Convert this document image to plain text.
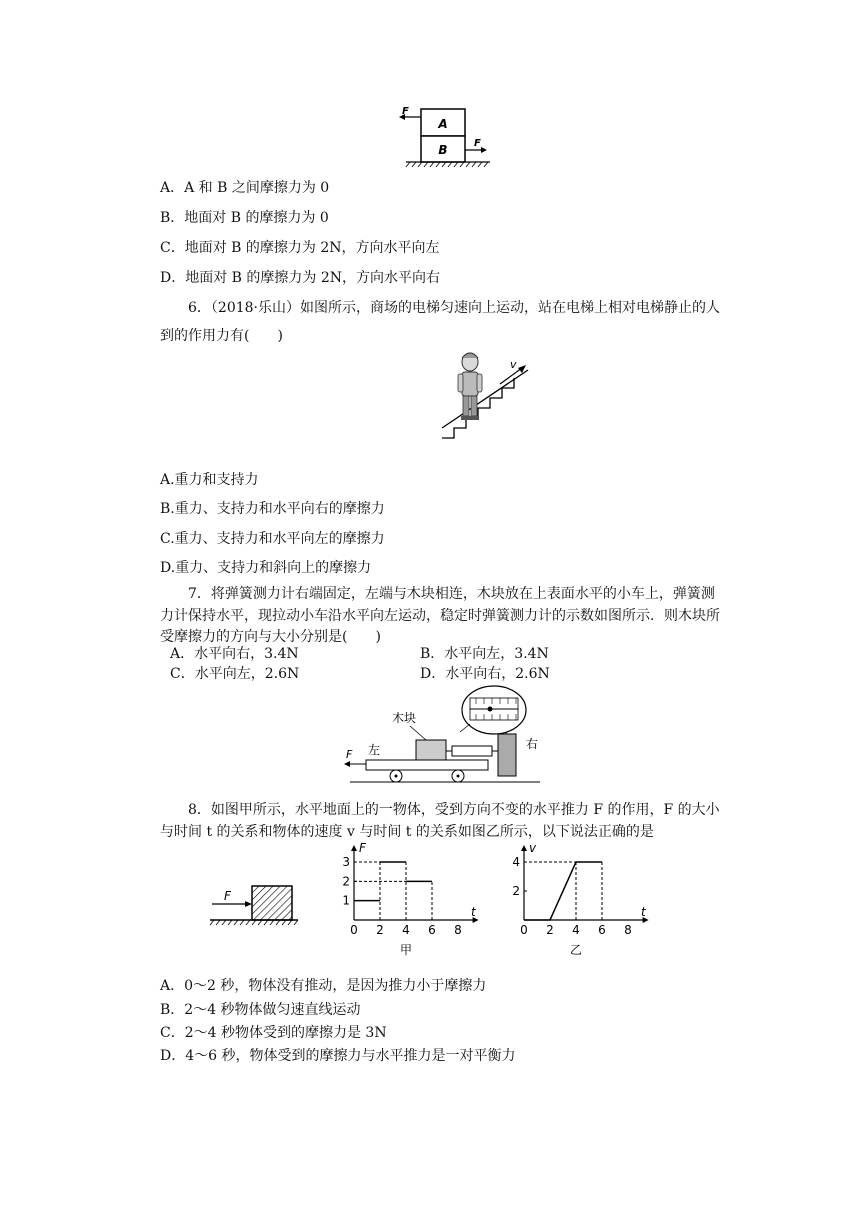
A
B
F
F
A．A 和 B 之间摩擦力为 0
B．地面对 B 的摩擦力为 0
C．地面对 B 的摩擦力为 2N，方向水平向左
D．地面对 B 的摩擦力为 2N，方向水平向右
6．（2018·乐山）如图所示，商场的电梯匀速向上运动，站在电梯上相对电梯静止的人
到的作用力有(　　)
v
A.重力和支持力
B.重力、支持力和水平向右的摩擦力
C.重力、支持力和水平向左的摩擦力
D.重力、支持力和斜向上的摩擦力
7．将弹簧测力计右端固定，左端与木块相连，木块放在上表面水平的小车上，弹簧测
力计保持水平，现拉动小车沿水平向左运动，稳定时弹簧测力计的示数如图所示．则木块所
受摩擦力的方向与大小分别是(　　)
A．水平向右，3.4N	B．水平向左，3.4N
C．水平向左，2.6N	D．水平向右，2.6N
木块
右
左
F
8．如图甲所示，水平地面上的一物体，受到方向不变的水平推力 F 的作用，F 的大小
与时间 t 的关系和物体的速度 v 与时间 t 的关系如图乙所示，以下说法正确的是
F
t
F
0 2 4 6 8
1
2
3
甲
t
v
0 2 4 6 8
2
4
乙
A．0～2 秒，物体没有推动，是因为推力小于摩擦力
B．2～4 秒物体做匀速直线运动
C．2～4 秒物体受到的摩擦力是 3N
D．4～6 秒，物体受到的摩擦力与水平推力是一对平衡力
